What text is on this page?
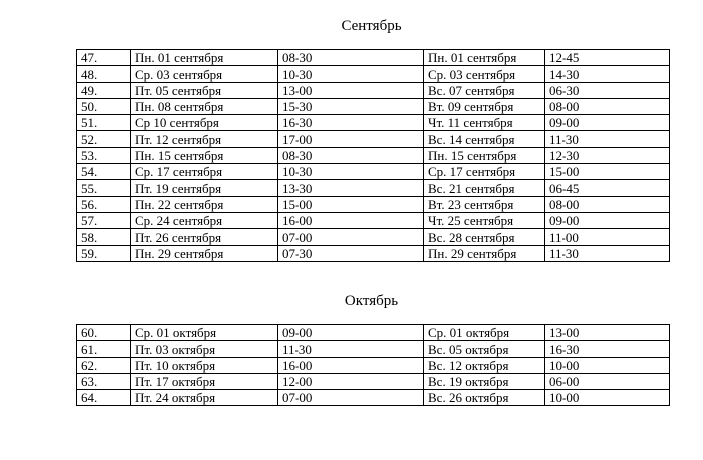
Сентябрь
47.	Пн. 01 сентября	08-30	Пн. 01 сентября	12-45
48.	Ср. 03 сентября	10-30	Ср. 03 сентября	14-30
49.	Пт. 05 сентября	13-00	Вс. 07 сентября	06-30
50.	Пн. 08 сентября	15-30	Вт. 09 сентября	08-00
51.	Ср 10 сентября	16-30	Чт. 11 сентября	09-00
52.	Пт. 12 сентября	17-00	Вс. 14 сентября	11-30
53.	Пн. 15 сентября	08-30	Пн. 15 сентября	12-30
54.	Ср. 17 сентября	10-30	Ср. 17 сентября	15-00
55.	Пт. 19 сентября	13-30	Вс. 21 сентября	06-45
56.	Пн. 22 сентября	15-00	Вт. 23 сентября	08-00
57.	Ср. 24 сентября	16-00	Чт. 25 сентября	09-00
58.	Пт. 26 сентября	07-00	Вс. 28 сентября	11-00
59.	Пн. 29 сентября	07-30	Пн. 29 сентября	11-30
Октябрь
60.	Ср. 01 октября	09-00	Ср. 01 октября	13-00
61.	Пт. 03 октября	11-30	Вс. 05 октября	16-30
62.	Пт. 10 октября	16-00	Вс. 12 октября	10-00
63.	Пт. 17 октября	12-00	Вс. 19 октября	06-00
64.	Пт. 24 октября	07-00	Вс. 26 октября	10-00
